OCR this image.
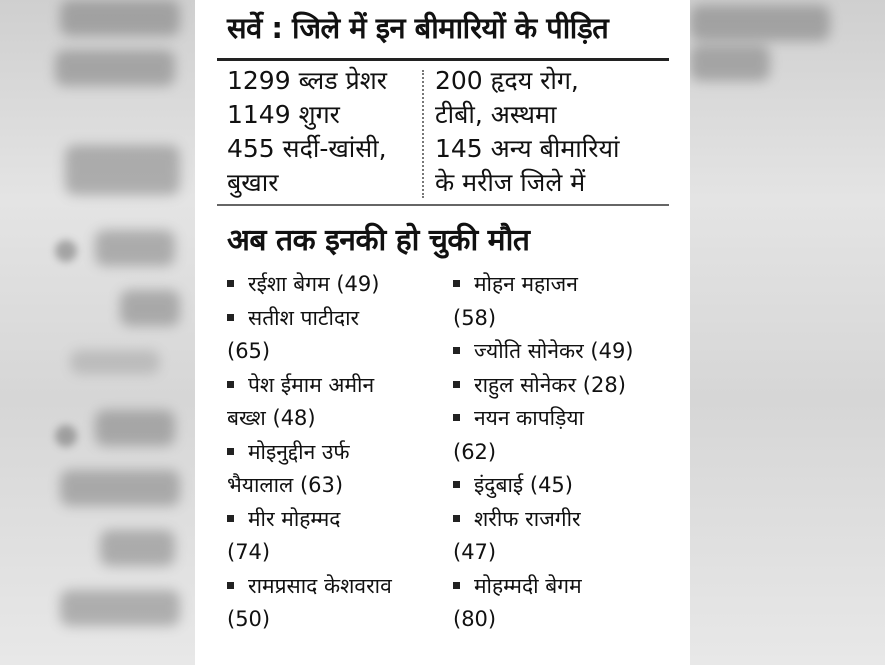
सर्वे : जिले में इन बीमारियों के पीड़ित
1299 ब्लड प्रेशर
1149 शुगर
455 सर्दी-खांसी,
बुखार
200 हृदय रोग,
टीबी, अस्थमा
145 अन्य बीमारियां
के मरीज जिले में
अब तक इनकी हो चुकी मौत
रईशा बेगम (49)
सतीश पाटीदार
(65)
पेश ईमाम अमीन
बख्श (48)
मोइनुद्दीन उर्फ
भैयालाल (63)
मीर मोहम्मद
(74)
रामप्रसाद केशवराव
(50)
मोहन महाजन
(58)
ज्योति सोनेकर (49)
राहुल सोनेकर (28)
नयन कापड़िया
(62)
इंदुबाई (45)
शरीफ राजगीर
(47)
मोहम्मदी बेगम
(80)
